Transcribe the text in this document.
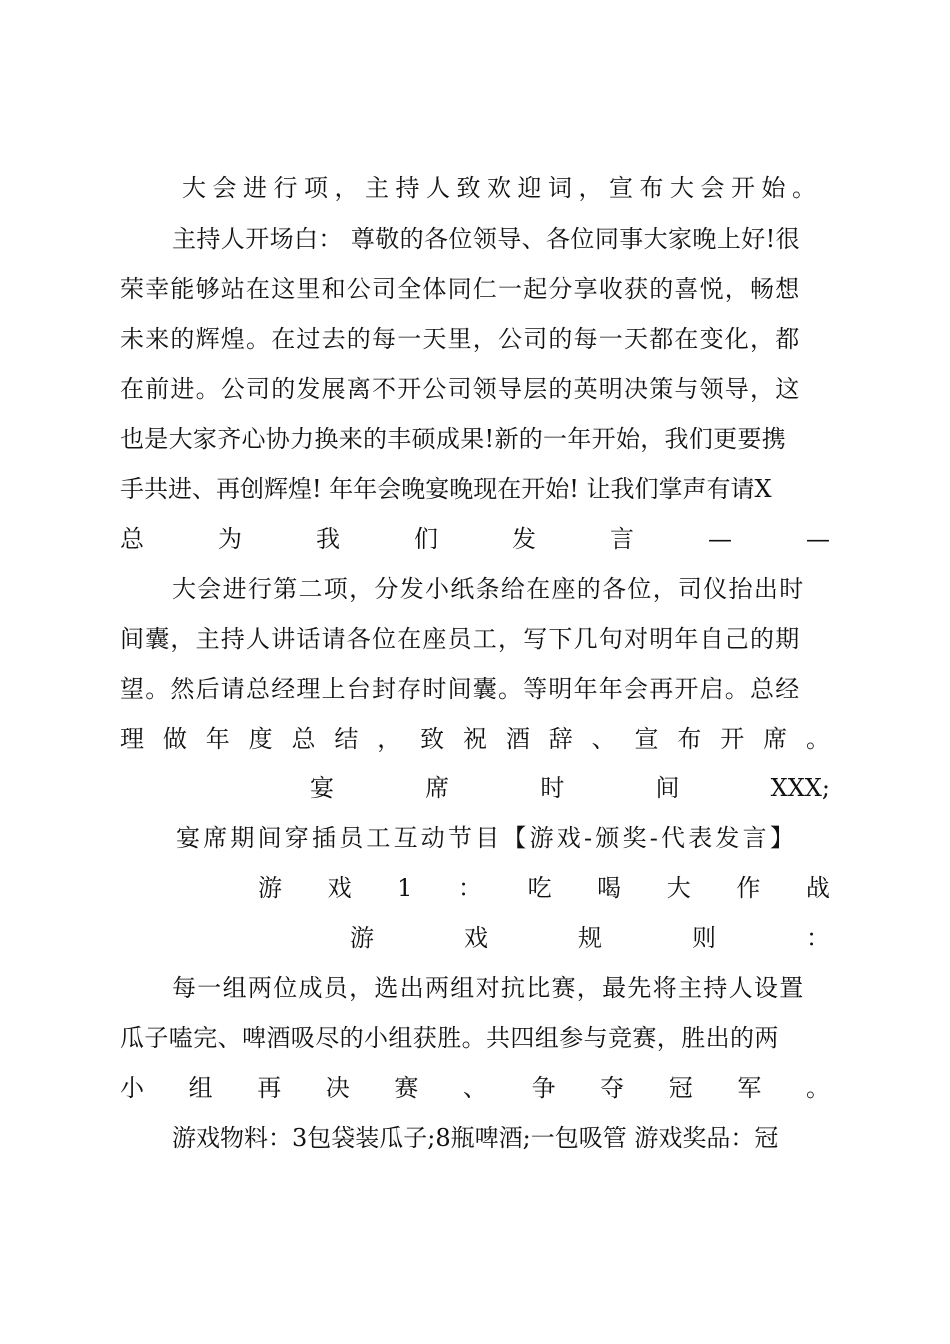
大会进行项，主持人致欢迎词，宣布大会开始。
主持人开场白： 尊敬的各位领导、各位同事大家晚上好!很
荣幸能够站在这里和公司全体同仁一起分享收获的喜悦，畅想
未来的辉煌。在过去的每一天里，公司的每一天都在变化，都
在前进。公司的发展离不开公司领导层的英明决策与领导，这
也是大家齐心协力换来的丰硕成果!新的一年开始，我们更要携
手共进、再创辉煌! 年年会晚宴晚现在开始! 让我们掌声有请X
总	为	我	们	发	言	—	—
大会进行第二项，分发小纸条给在座的各位，司仪抬出时
间囊，主持人讲话请各位在座员工，写下几句对明年自己的期
望。然后请总经理上台封存时间囊。等明年年会再开启。总经
理 做 年 度 总 结 ， 致 祝 酒 辞 、 宣 布 开 席 。
宴	席	时	间	XXX;
宴席期间穿插员工互动节目【游戏-颁奖-代表发言】
游 戏 1 ： 吃 喝 大 作 战
游	戏	规	则	：
每一组两位成员，选出两组对抗比赛，最先将主持人设置
瓜子嗑完、啤酒吸尽的小组获胜。共四组参与竞赛，胜出的两
小 组 再 决 赛 、 争 夺 冠 军 。
游戏物料：3包袋装瓜子;8瓶啤酒;一包吸管 游戏奖品：冠
